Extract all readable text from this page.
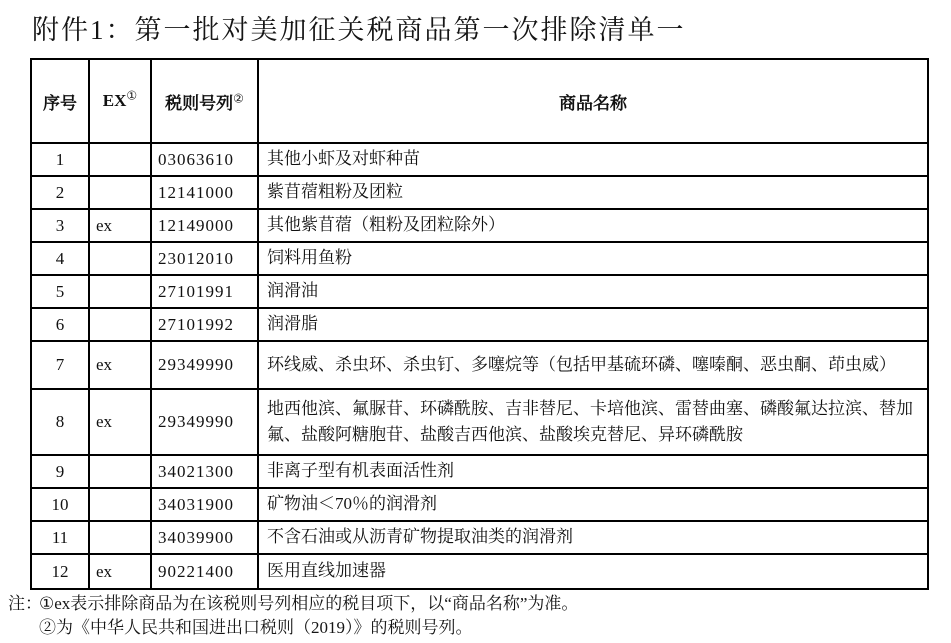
附件1：第一批对美加征关税商品第一次排除清单一
序号	EX①	税则号列②	商品名称
1		03063610	其他小虾及对虾种苗
2		12141000	紫苜蓿粗粉及团粒
3	ex	12149000	其他紫苜蓿（粗粉及团粒除外）
4		23012010	饲料用鱼粉
5		27101991	润滑油
6		27101992	润滑脂
7	ex	29349990	环线威、杀虫环、杀虫钉、多噻烷等（包括甲基硫环磷、噻嗪酮、恶虫酮、茚虫威）
8	ex	29349990	地西他滨、氟脲苷、环磷酰胺、吉非替尼、卡培他滨、雷替曲塞、磷酸氟达拉滨、替加氟、盐酸阿糖胞苷、盐酸吉西他滨、盐酸埃克替尼、异环磷酰胺
9		34021300	非离子型有机表面活性剂
10		34031900	矿物油＜70％的润滑剂
11		34039900	不含石油或从沥青矿物提取油类的润滑剂
12	ex	90221400	医用直线加速器
注：①ex表示排除商品为在该税则号列相应的税目项下，以“商品名称”为准。
②为《中华人民共和国进出口税则（2019）》的税则号列。
